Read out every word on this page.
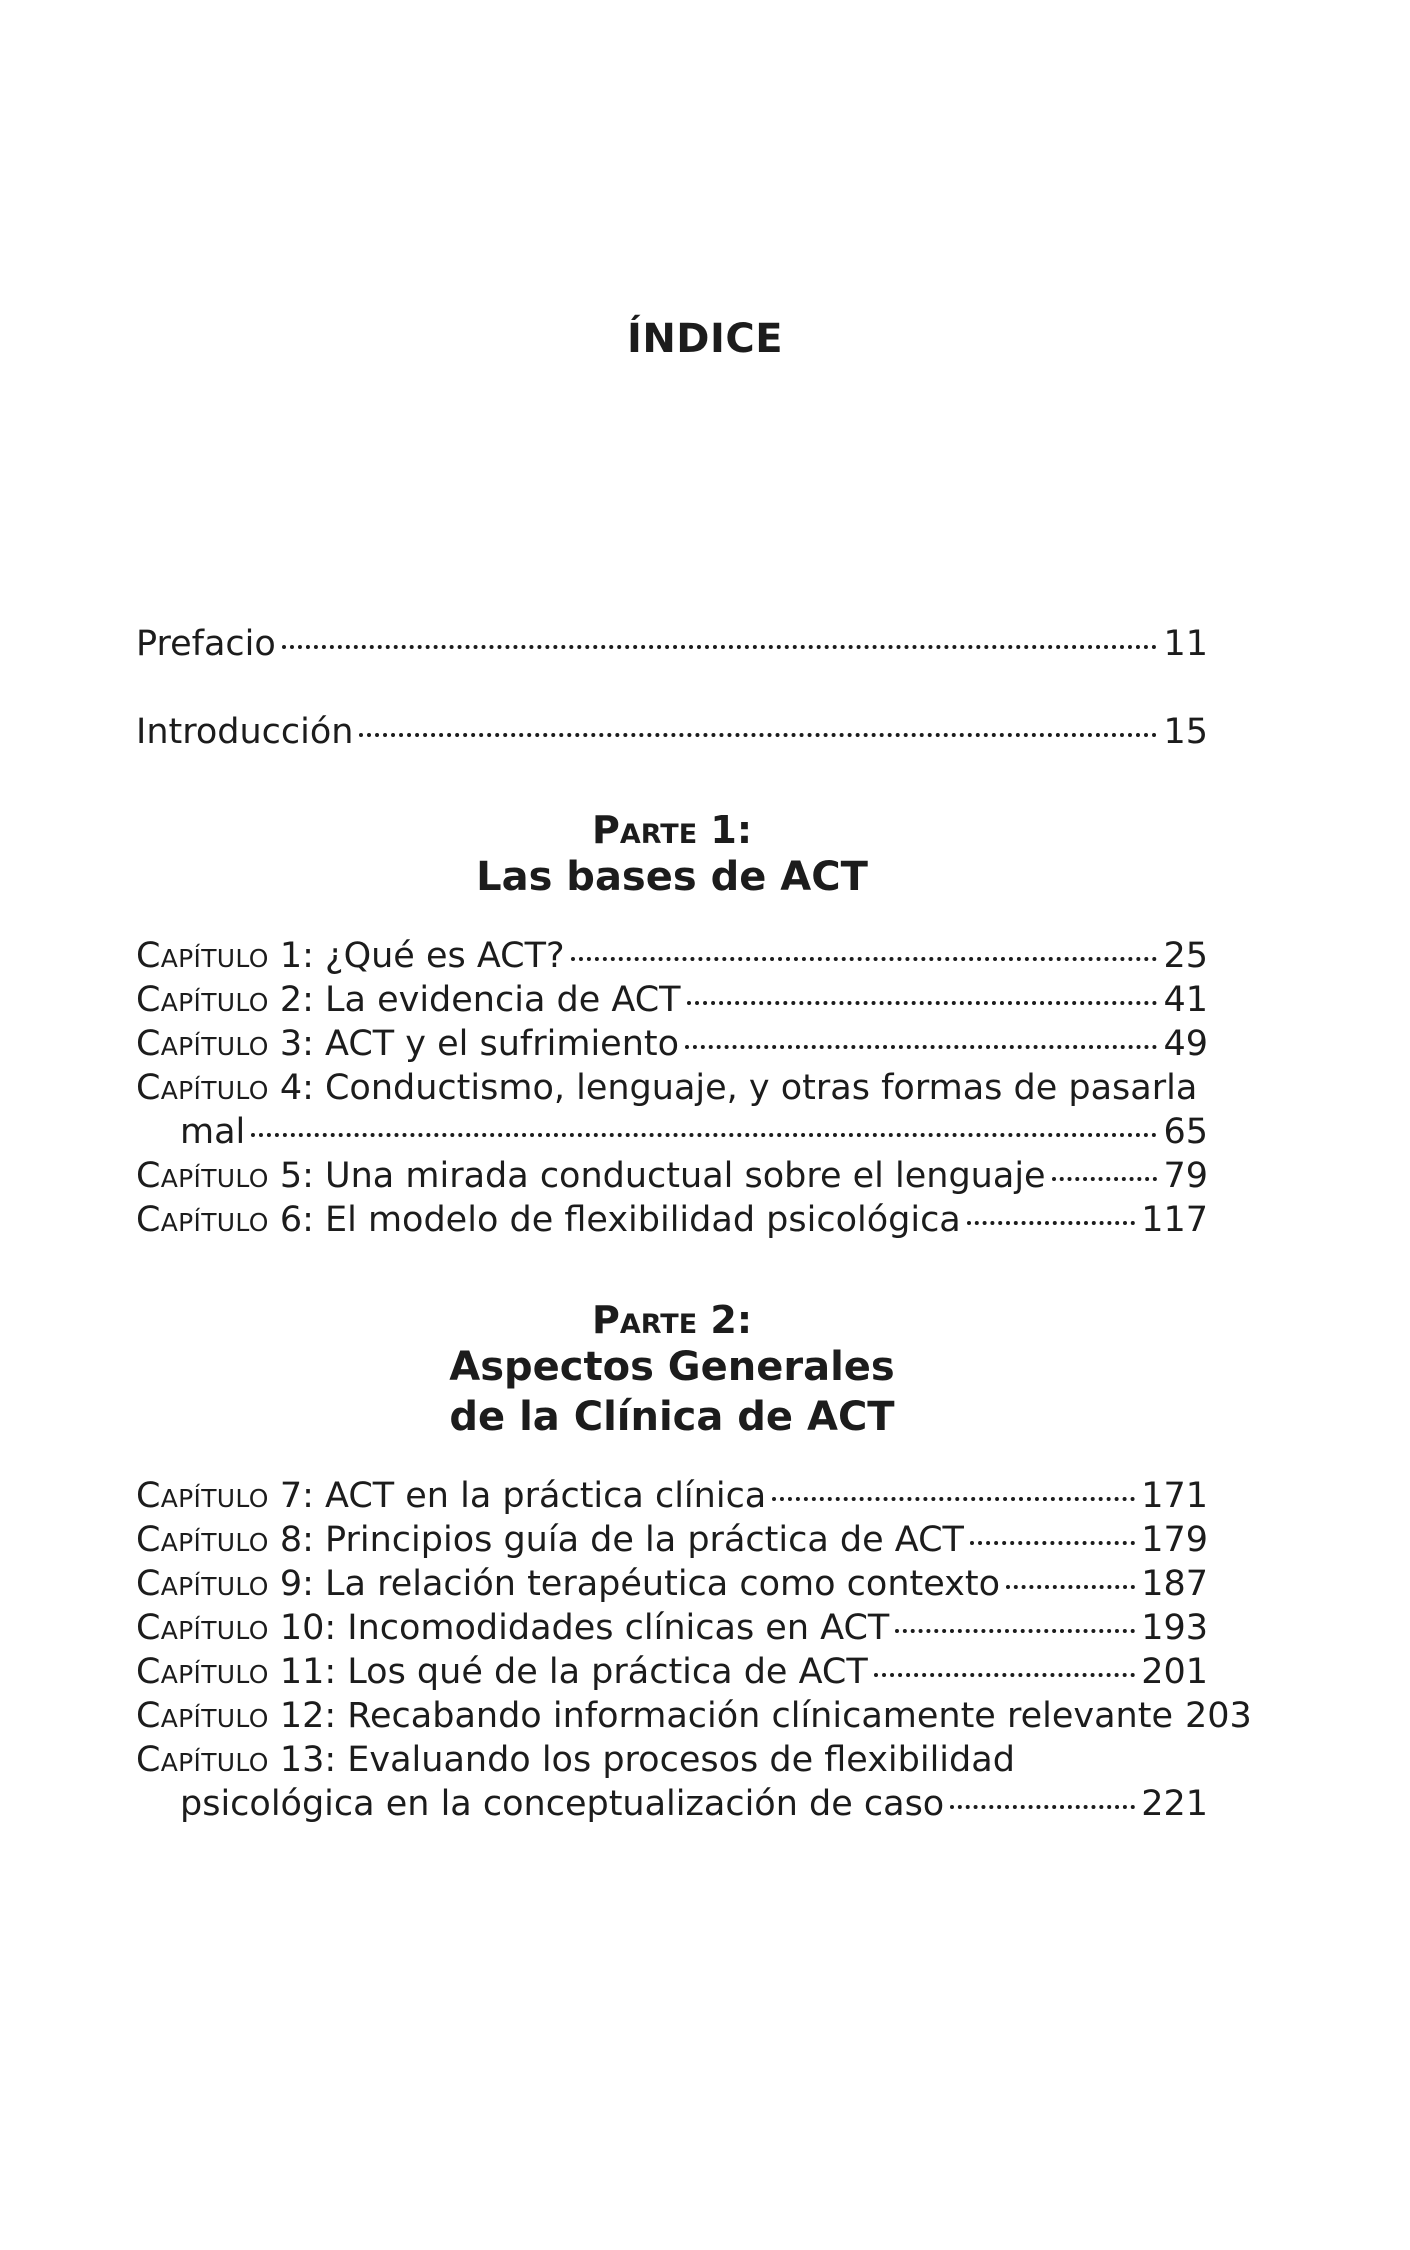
ÍNDICE
Prefacio	11
Introducción	15
Parte 1:
Las bases de ACT
Capítulo 1: ¿Qué es ACT?	25
Capítulo 2: La evidencia de ACT	41
Capítulo 3: ACT y el sufrimiento	49
Capítulo 4: Conductismo, lenguaje, y otras formas de pasarla
mal	65
Capítulo 5: Una mirada conductual sobre el lenguaje	79
Capítulo 6: El modelo de flexibilidad psicológica	117
Parte 2:
Aspectos Generales
de la Clínica de ACT
Capítulo 7: ACT en la práctica clínica	171
Capítulo 8: Principios guía de la práctica de ACT	179
Capítulo 9: La relación terapéutica como contexto	187
Capítulo 10: Incomodidades clínicas en ACT	193
Capítulo 11: Los qué de la práctica de ACT	201
Capítulo 12: Recabando información clínicamente relevante 203
Capítulo 13: Evaluando los procesos de flexibilidad
psicológica en la conceptualización de caso	221
